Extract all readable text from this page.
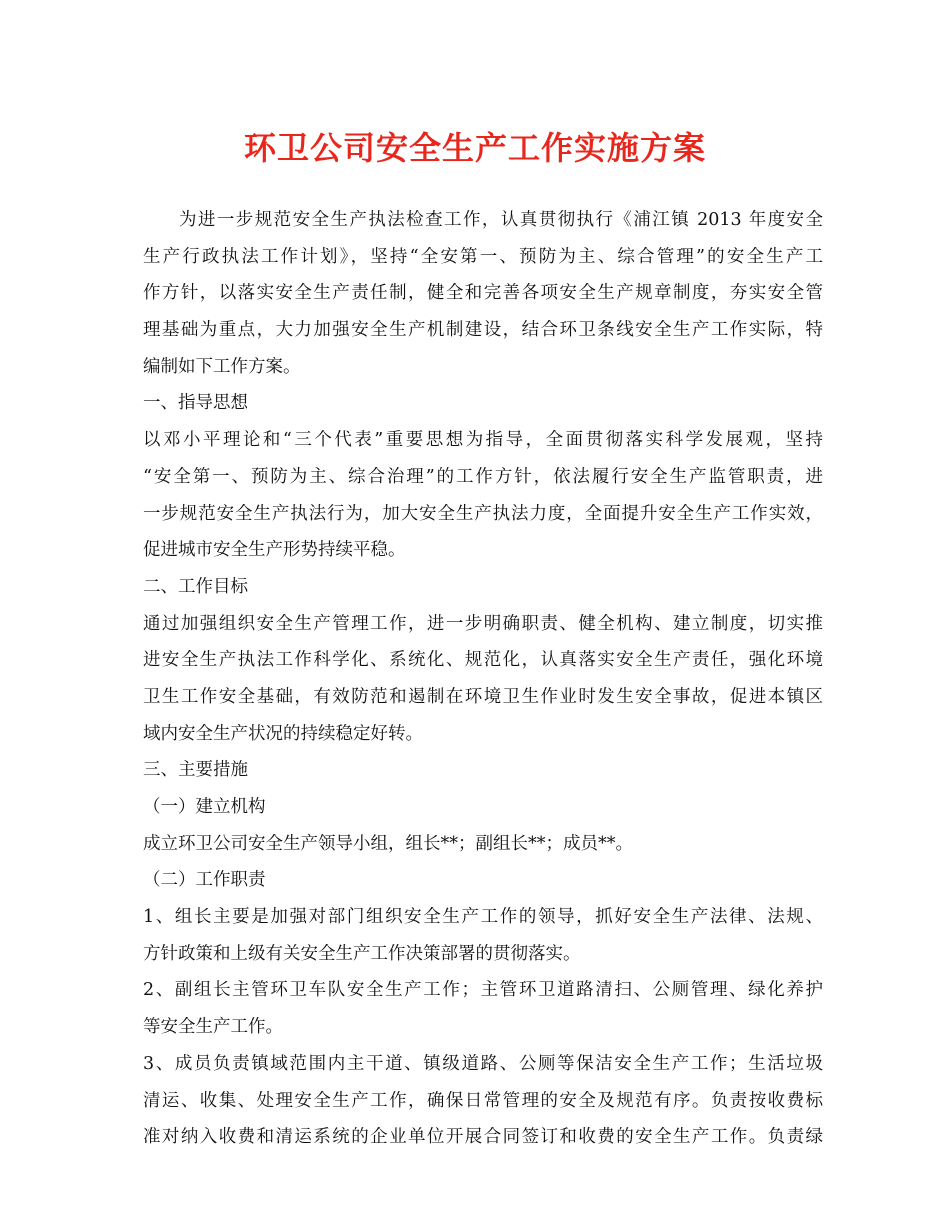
环卫公司安全生产工作实施方案
为进一步规范安全生产执法检查工作，认真贯彻执行《浦江镇 2013 年度安全
生产行政执法工作计划》，坚持“全安第一、预防为主、综合管理”的安全生产工
作方针，以落实安全生产责任制，健全和完善各项安全生产规章制度，夯实安全管
理基础为重点，大力加强安全生产机制建设，结合环卫条线安全生产工作实际，特
编制如下工作方案。
一、指导思想
以邓小平理论和“三个代表”重要思想为指导，全面贯彻落实科学发展观，坚持
“安全第一、预防为主、综合治理”的工作方针，依法履行安全生产监管职责，进
一步规范安全生产执法行为，加大安全生产执法力度，全面提升安全生产工作实效，
促进城市安全生产形势持续平稳。
二、工作目标
通过加强组织安全生产管理工作，进一步明确职责、健全机构、建立制度，切实推
进安全生产执法工作科学化、系统化、规范化，认真落实安全生产责任，强化环境
卫生工作安全基础，有效防范和遏制在环境卫生作业时发生安全事故，促进本镇区
域内安全生产状况的持续稳定好转。
三、主要措施
（一）建立机构
成立环卫公司安全生产领导小组，组长**；副组长**；成员**。
（二）工作职责
1、组长主要是加强对部门组织安全生产工作的领导，抓好安全生产法律、法规、
方针政策和上级有关安全生产工作决策部署的贯彻落实。
2、副组长主管环卫车队安全生产工作；主管环卫道路清扫、公厕管理、绿化养护
等安全生产工作。
3、成员负责镇域范围内主干道、镇级道路、公厕等保洁安全生产工作；生活垃圾
清运、收集、处理安全生产工作，确保日常管理的安全及规范有序。负责按收费标
准对纳入收费和清运系统的企业单位开展合同签订和收费的安全生产工作。负责绿
